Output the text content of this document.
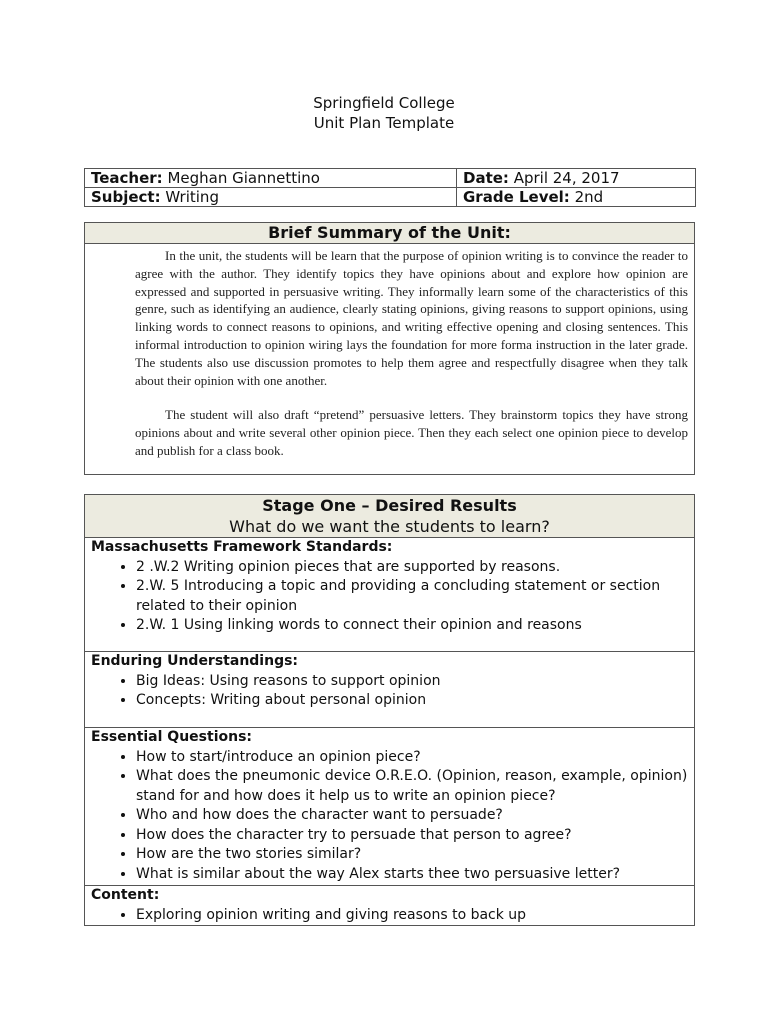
Springfield College
Unit Plan Template
Teacher: Meghan Giannettino	Date: April 24, 2017
Subject: Writing	Grade Level: 2nd
Brief Summary of the Unit:

In the unit, the students will be learn that the purpose of opinion writing is to convince the reader to agree with the author. They identify topics they have opinions about and explore how opinion are expressed and supported in persuasive writing. They informally learn some of the characteristics of this genre, such as identifying an audience, clearly stating opinions, giving reasons to support opinions, using linking words to connect reasons to opinions, and writing effective opening and closing sentences. This informal introduction to opinion wiring lays the foundation for more forma instruction in the later grade. The students also use discussion promotes to help them agree and respectfully disagree when they talk about their opinion with one another.

The student will also draft “pretend” persuasive letters. They brainstorm topics they have strong opinions about and write several other opinion piece. Then they each select one opinion piece to develop and publish for a class book.

Stage One – Desired Results
What do we want the students to learn?

Massachusetts Framework Standards:
• 2 .W.2 Writing opinion pieces that are supported by reasons.
• 2.W. 5 Introducing a topic and providing a concluding statement or section related to their opinion
• 2.W. 1 Using linking words to connect their opinion and reasons

Enduring Understandings:
• Big Ideas: Using reasons to support opinion
• Concepts: Writing about personal opinion

Essential Questions:
• How to start/introduce an opinion piece?
• What does the pneumonic device O.R.E.O. (Opinion, reason, example, opinion) stand for and how does it help us to write an opinion piece?
• Who and how does the character want to persuade?
• How does the character try to persuade that person to agree?
• How are the two stories similar?
• What is similar about the way Alex starts thee two persuasive letter?

Content:
• Exploring opinion writing and giving reasons to back up
